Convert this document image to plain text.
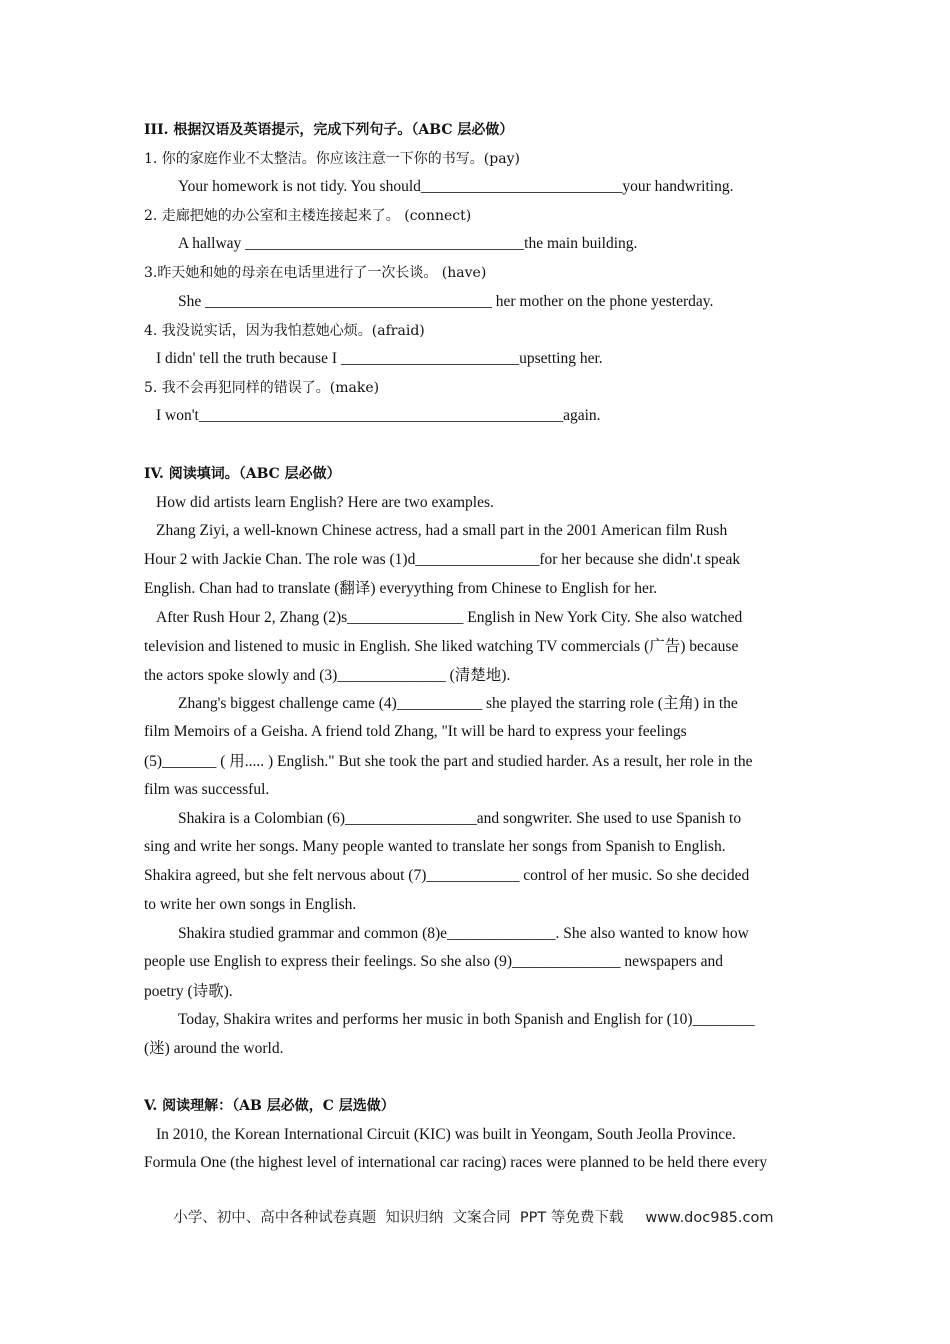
III. 根据汉语及英语提示，完成下列句子。（ABC 层必做）
1. 你的家庭作业不太整洁。你应该注意一下你的书写。(pay)
Your homework is not tidy. You should__________________________your handwriting.
2. 走廊把她的办公室和主楼连接起来了。 (connect)
A hallway ____________________________________the main building.
3.昨天她和她的母亲在电话里进行了一次长谈。 (have)
She _____________________________________ her mother on the phone yesterday.
4. 我没说实话，因为我怕惹她心烦。(afraid)
I didn' tell the truth because I _______________________upsetting her.
5. 我不会再犯同样的错误了。(make)
I won't_______________________________________________again.
IV. 阅读填词。（ABC 层必做）
How did artists learn English? Here are two examples.
Zhang Ziyi, a well-known Chinese actress, had a small part in the 2001 American film Rush
Hour 2 with Jackie Chan. The role was (1)d________________for her because she didn'.t speak
English. Chan had to translate (翻译) everyything from Chinese to English for her.
After Rush Hour 2, Zhang (2)s_______________ English in New York City. She also watched
television and listened to music in English. She liked watching TV commercials (广告) because
the actors spoke slowly and (3)______________ (清楚地).
Zhang's biggest challenge came (4)___________ she played the starring role (主角) in the
film Memoirs of a Geisha. A friend told Zhang, "It will be hard to express your feelings
(5)_______ ( 用..... ) English." But she took the part and studied harder. As a result, her role in the
film was successful.
Shakira is a Colombian (6)_________________and songwriter. She used to use Spanish to
sing and write her songs. Many people wanted to translate her songs from Spanish to English.
Shakira agreed, but she felt nervous about (7)____________ control of her music. So she decided
to write her own songs in English.
Shakira studied grammar and common (8)e______________. She also wanted to know how
people use English to express their feelings. So she also (9)______________ newspapers and
poetry (诗歌).
Today, Shakira writes and performs her music in both Spanish and English for (10)________
(迷) around the world.
V. 阅读理解：（AB 层必做，C 层选做）
In 2010, the Korean International Circuit (KIC) was built in Yeongam, South Jeolla Province.
Formula One (the highest level of international car racing) races were planned to be held there every

小学、初中、高中各种试卷真题  知识归纳  文案合同  PPT 等免费下载 www.doc985.com
